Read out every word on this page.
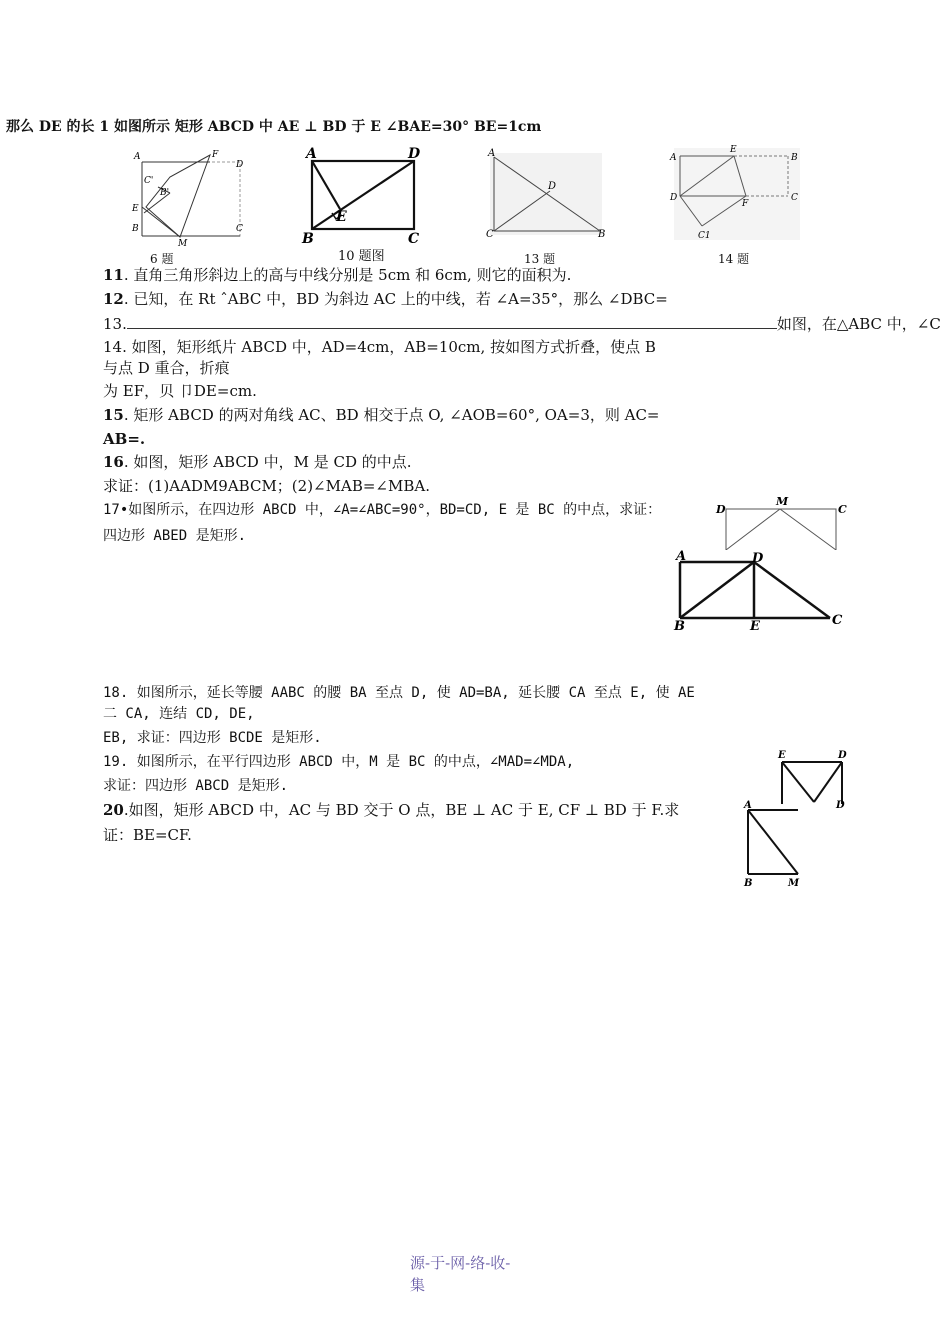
那么 DE 的长 1 如图所示 矩形 ABCD 中 AE ⊥ BD 于 E ∠BAE=30° BE=1cm
A	F
D
C'
B'
E
B
M
C
6 题
A	D
E
B	C
10 题图
A
D
C	B
13 题
A
E
B
D
F
C
C1
14 题
11. 直角三角形斜边上的高与中线分别是 5cm 和 6cm, 则它的面积为.
12. 已知，在 Rt ˆABC 中，BD 为斜边 AC 上的中线，若 ∠A=35°，那么 ∠DBC=
13.	如图，在△ABC 中，∠C
14. 如图，矩形纸片 ABCD 中，AD=4cm，AB=10cm, 按如图方式折叠，使点 B
与点 D 重合，折痕
为 EF，贝 卩DE=cm.
15. 矩形 ABCD 的两对角线 AC、BD 相交于点 O, ∠AOB=60°, OA=3，则 AC=
AB=.
16. 如图，矩形 ABCD 中，M 是 CD 的中点.
求证：(1)AADM9ABCM；(2)∠MAB=∠MBA.
17•如图所示，在四边形 ABCD 中，∠A=∠ABC=90°，BD=CD, E 是 BC 的中点，求证：
四边形 ABED 是矩形.
D
M
C
A	D
B	E	C
18. 如图所示，延长等腰 AABC 的腰 BA 至点 D, 使 AD=BA, 延长腰 CA 至点 E, 使 AE
二 CA, 连结 CD, DE,
EB, 求证：四边形 BCDE 是矩形.
19. 如图所示，在平行四边形 ABCD 中，M 是 BC 的中点，∠MAD=∠MDA,
求证：四边形 ABCD 是矩形.
20.如图，矩形 ABCD 中，AC 与 BD 交于 O 点，BE ⊥ AC 于 E, CF ⊥ BD 于 F.求
证：BE=CF.
E	D
D
A
B	M
源-于-网-络-收-
集
